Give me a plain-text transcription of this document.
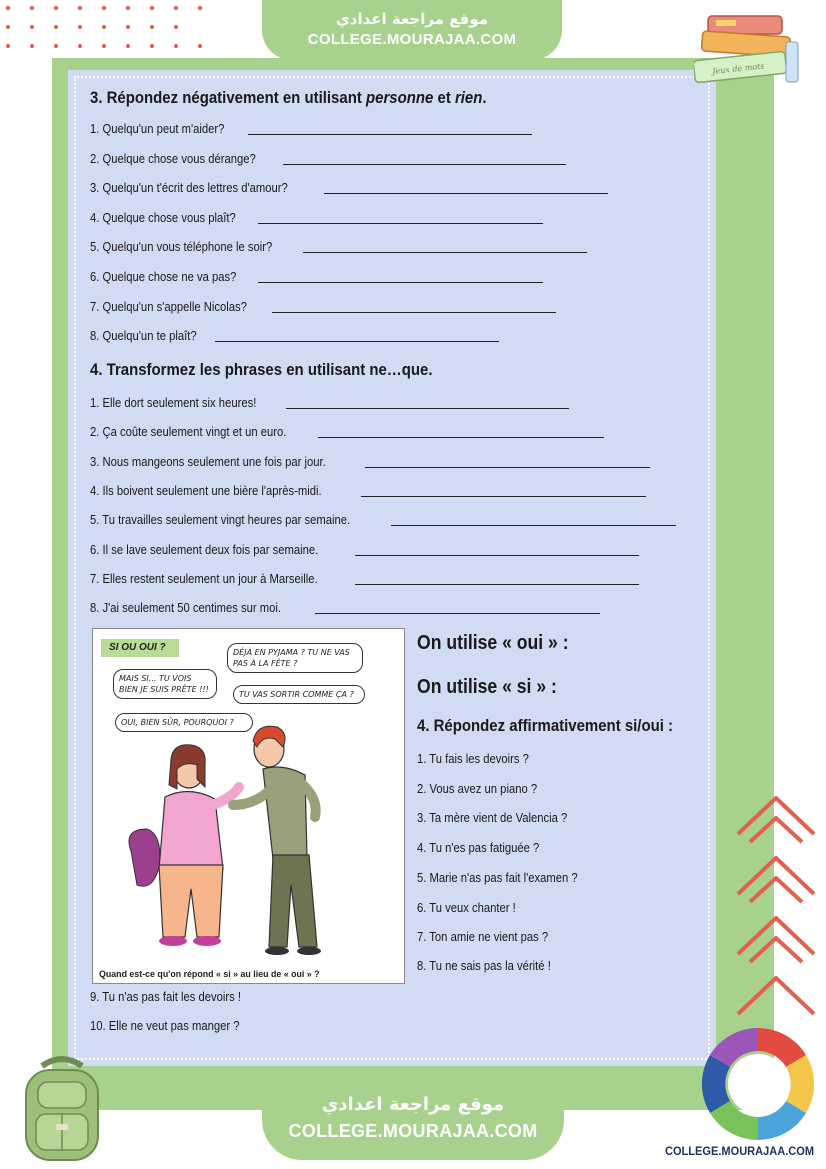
موقع مراجعة اعدادي
COLLEGE.MOURAJAA.COM
Jeux de mots
3. Répondez négativement en utilisant personne et rien.
1. Quelqu'un peut m'aider?
2. Quelque chose vous dérange?
3. Quelqu'un t'écrit des lettres d'amour?
4. Quelque chose vous plaît?
5. Quelqu'un vous téléphone le soir?
6. Quelque chose ne va pas?
7. Quelqu'un s'appelle Nicolas?
8. Quelqu'un te plaît?
4. Transformez les phrases en utilisant ne…que.
1. Elle dort seulement six heures!
2. Ça coûte seulement vingt et un euro.
3. Nous mangeons seulement une fois par jour.
4. Ils boivent seulement une bière l'après-midi.
5. Tu travailles seulement vingt heures par semaine.
6. Il se lave seulement deux fois par semaine.
7. Elles restent seulement un jour à Marseille.
8. J'ai seulement 50 centimes sur moi.
SI OU OUI ?
MAIS SI... TU VOIS BIEN JE SUIS PRÊTE !!!
DÉJÀ EN PYJAMA ? TU NE VAS PAS À LA FÊTE ?
TU VAS SORTIR COMME ÇA ?
OUI, BIEN SÛR, POURQUOI ?
Quand est-ce qu'on répond « si » au lieu de « oui » ?
On utilise « oui » :
On utilise « si » :
4. Répondez affirmativement si/oui :
1. Tu fais les devoirs ?
2. Vous avez un piano ?
3. Ta mère vient de Valencia ?
4. Tu n'es pas fatiguée ?
5. Marie n'as pas fait l'examen ?
6. Tu veux chanter !
7. Ton amie ne vient pas ?
8. Tu ne sais pas la vérité !
9. Tu n'as pas fait les devoirs !
10. Elle ne veut pas manger ?
موقع مراجعة اعدادي
COLLEGE.MOURAJAA.COM
COLLEGE.MOURAJAA.COM
